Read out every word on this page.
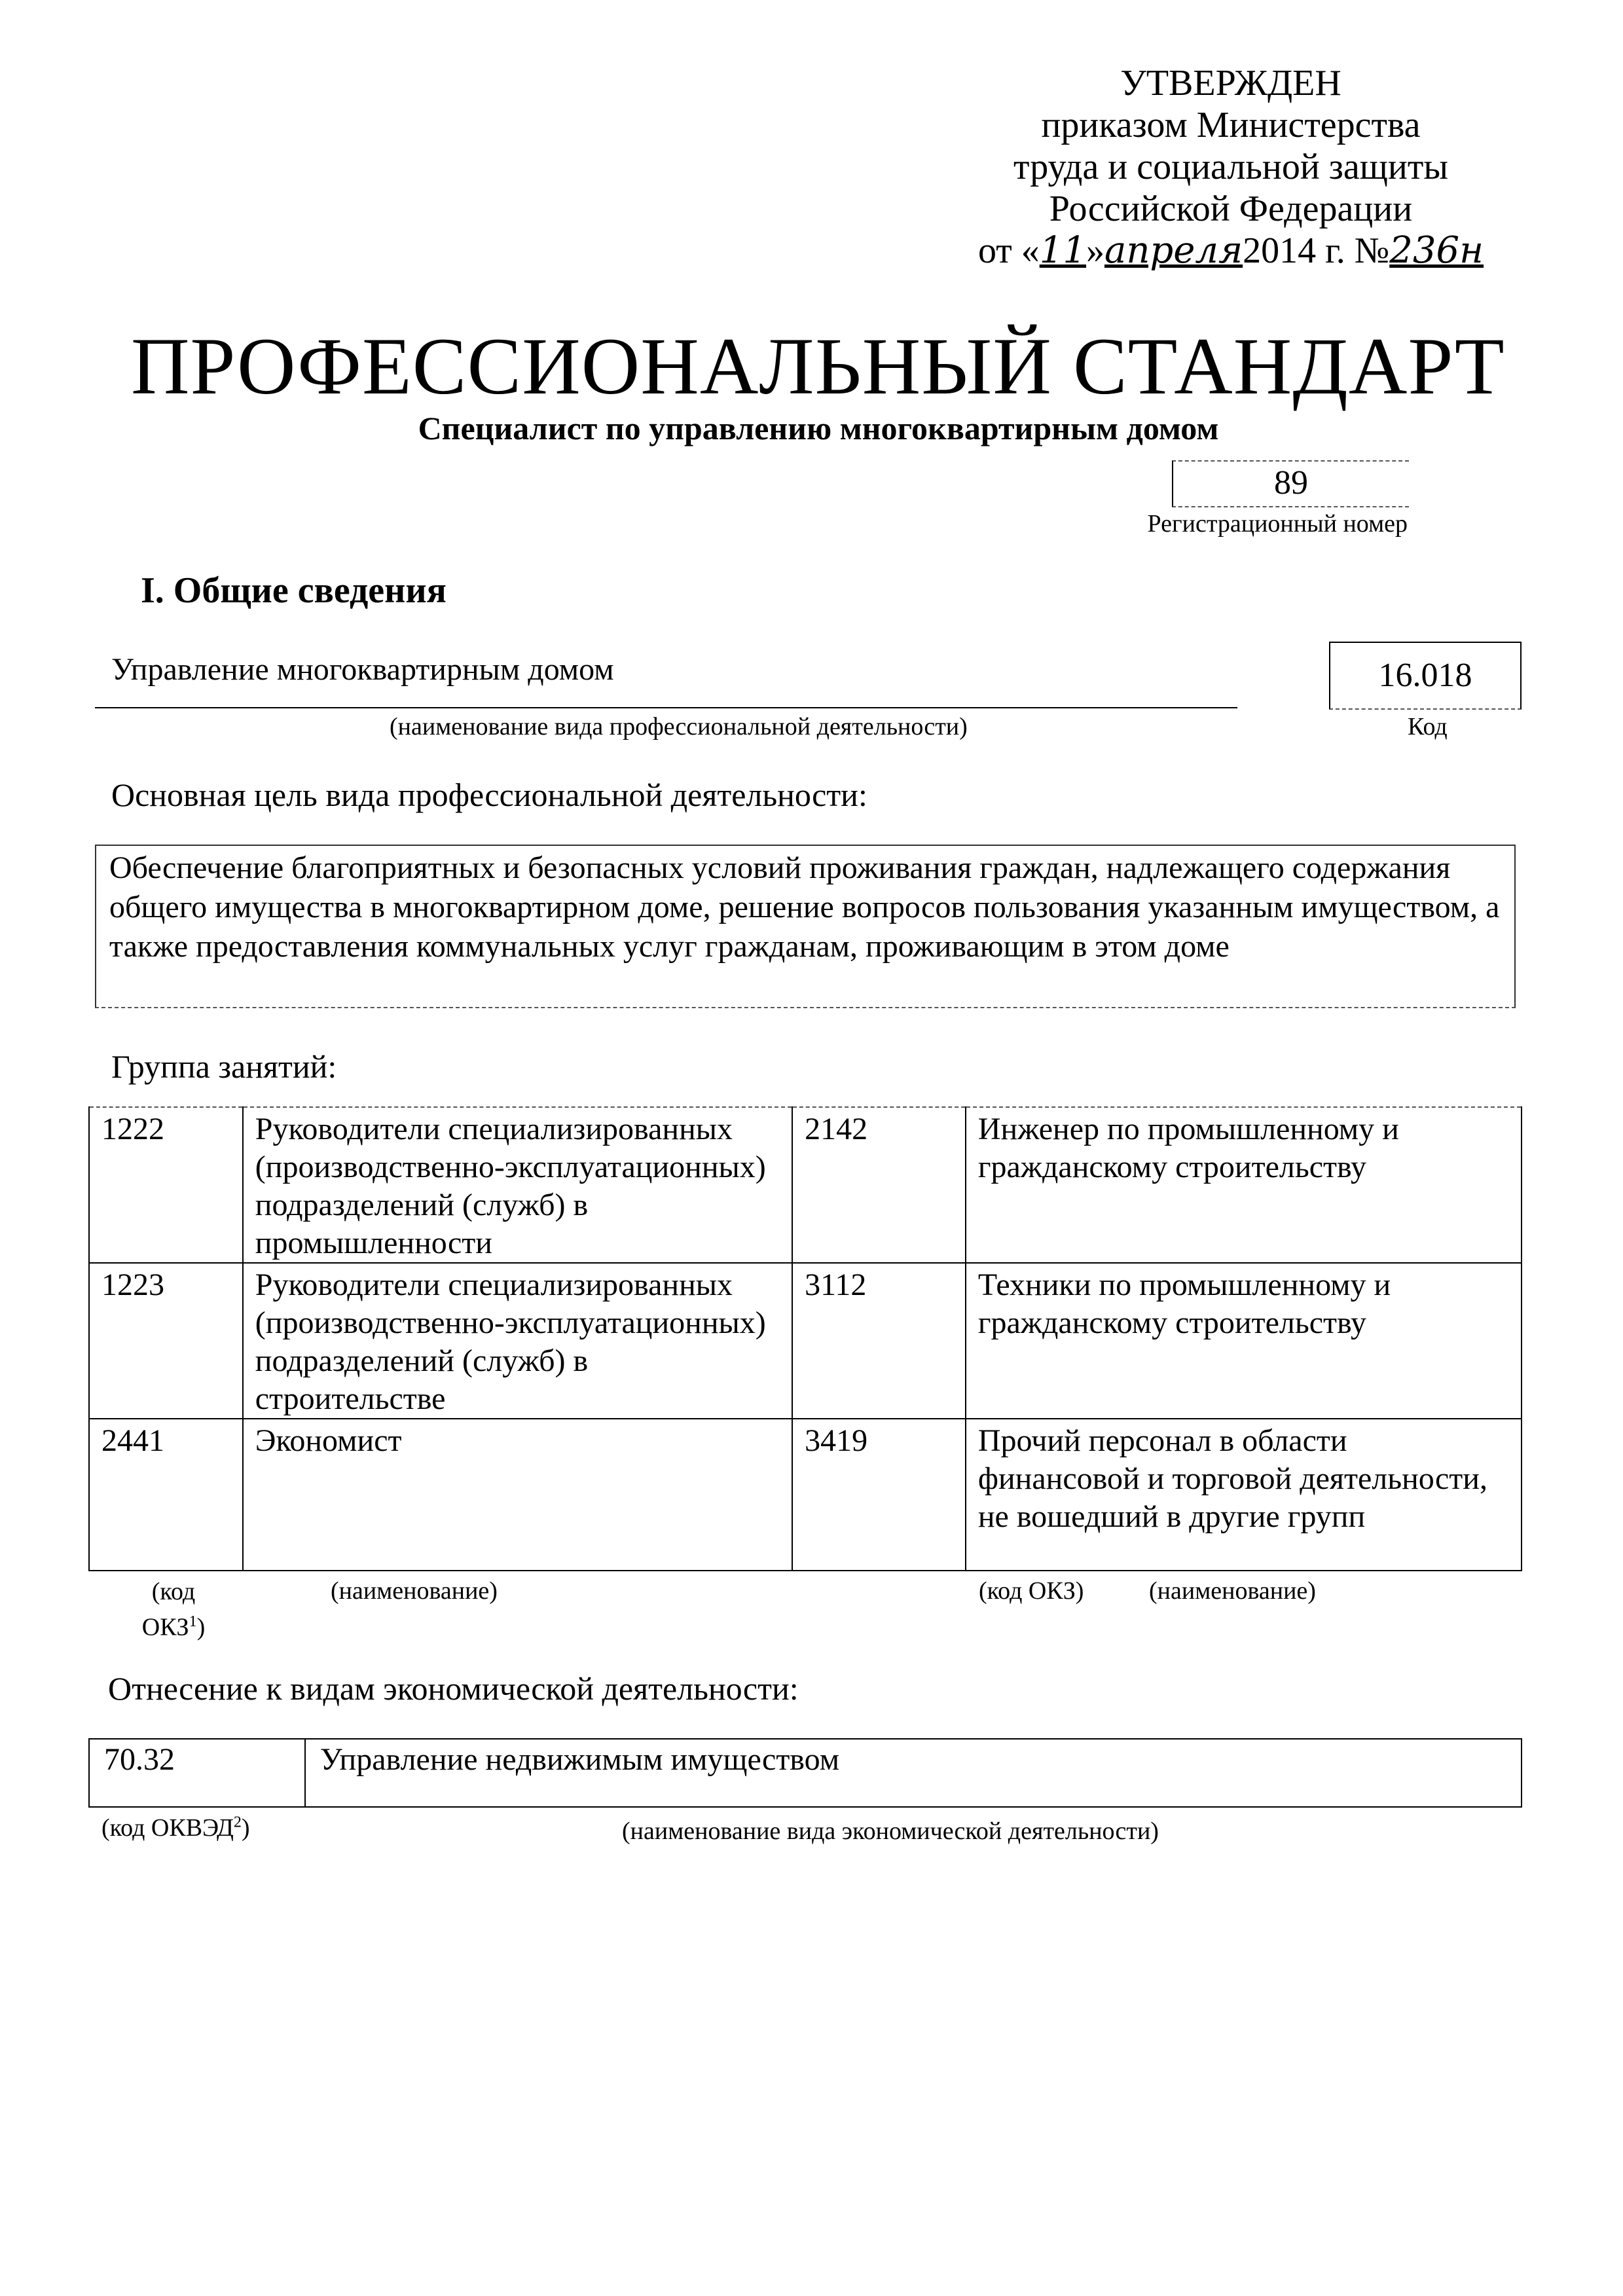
УТВЕРЖДЕН
приказом Министерства
труда и социальной защиты
Российской Федерации
от «11»апреля2014 г. №236н
ПРОФЕССИОНАЛЬНЫЙ СТАНДАРТ
Специалист по управлению многоквартирным домом
89
Регистрационный номер
I. Общие сведения
Управление многоквартирным домом
(наименование вида профессиональной деятельности)
16.018
Код
Основная цель вида профессиональной деятельности:
Обеспечение благоприятных и безопасных условий проживания граждан, надлежащего содержания общего имущества в многоквартирном доме, решение вопросов пользования указанным имуществом, а также предоставления коммунальных услуг гражданам, проживающим в этом доме
Группа занятий:
1222	Руководители специализированных (производственно-эксплуатационных) подразделений (служб) в промышленности	2142	Инженер по промышленному и гражданскому строительству
1223	Руководители специализированных (производственно-эксплуатационных) подразделений (служб) в строительстве	3112	Техники по промышленному и гражданскому строительству
2441	Экономист	3419	Прочий персонал в области финансовой и торговой деятельности, не вошедший в другие групп
(код ОКЗ$^1$)
(наименование)	(код ОКЗ)	(наименование)
Отнесение к видам экономической деятельности:
70.32	Управление недвижимым имуществом
(код ОКВЭД$^2$)	(наименование вида экономической деятельности)
